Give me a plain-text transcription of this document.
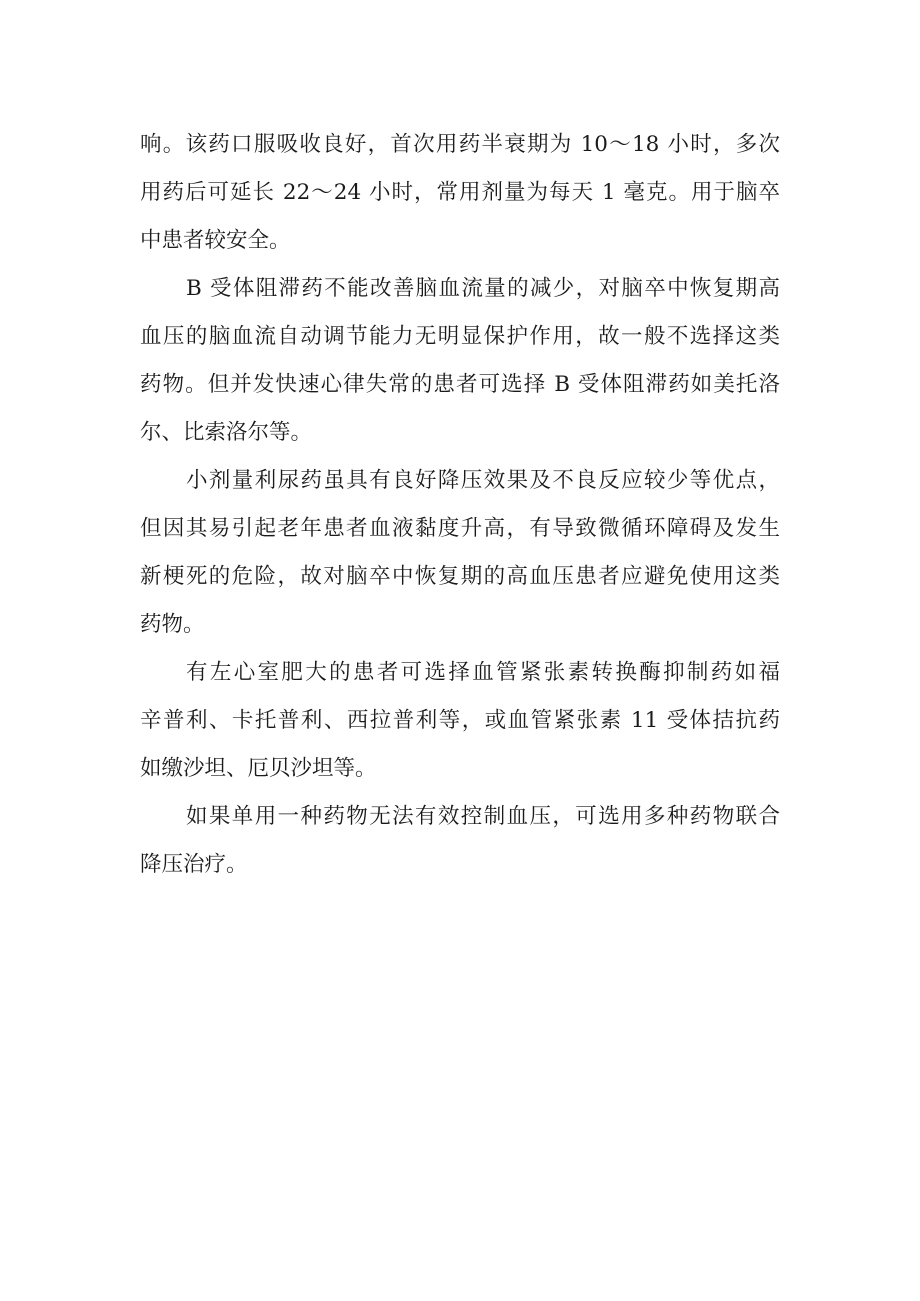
响。该药口服吸收良好，首次用药半衰期为 10～18 小时，多次
用药后可延长 22～24 小时，常用剂量为每天 1 毫克。用于脑卒
中患者较安全。

B 受体阻滞药不能改善脑血流量的减少，对脑卒中恢复期高
血压的脑血流自动调节能力无明显保护作用，故一般不选择这类
药物。但并发快速心律失常的患者可选择 B 受体阻滞药如美托洛
尔、比索洛尔等。

小剂量利尿药虽具有良好降压效果及不良反应较少等优点，
但因其易引起老年患者血液黏度升高，有导致微循环障碍及发生
新梗死的危险，故对脑卒中恢复期的高血压患者应避免使用这类
药物。

有左心室肥大的患者可选择血管紧张素转换酶抑制药如福
辛普利、卡托普利、西拉普利等，或血管紧张素 11 受体拮抗药
如缴沙坦、厄贝沙坦等。

如果单用一种药物无法有效控制血压，可选用多种药物联合
降压治疗。
